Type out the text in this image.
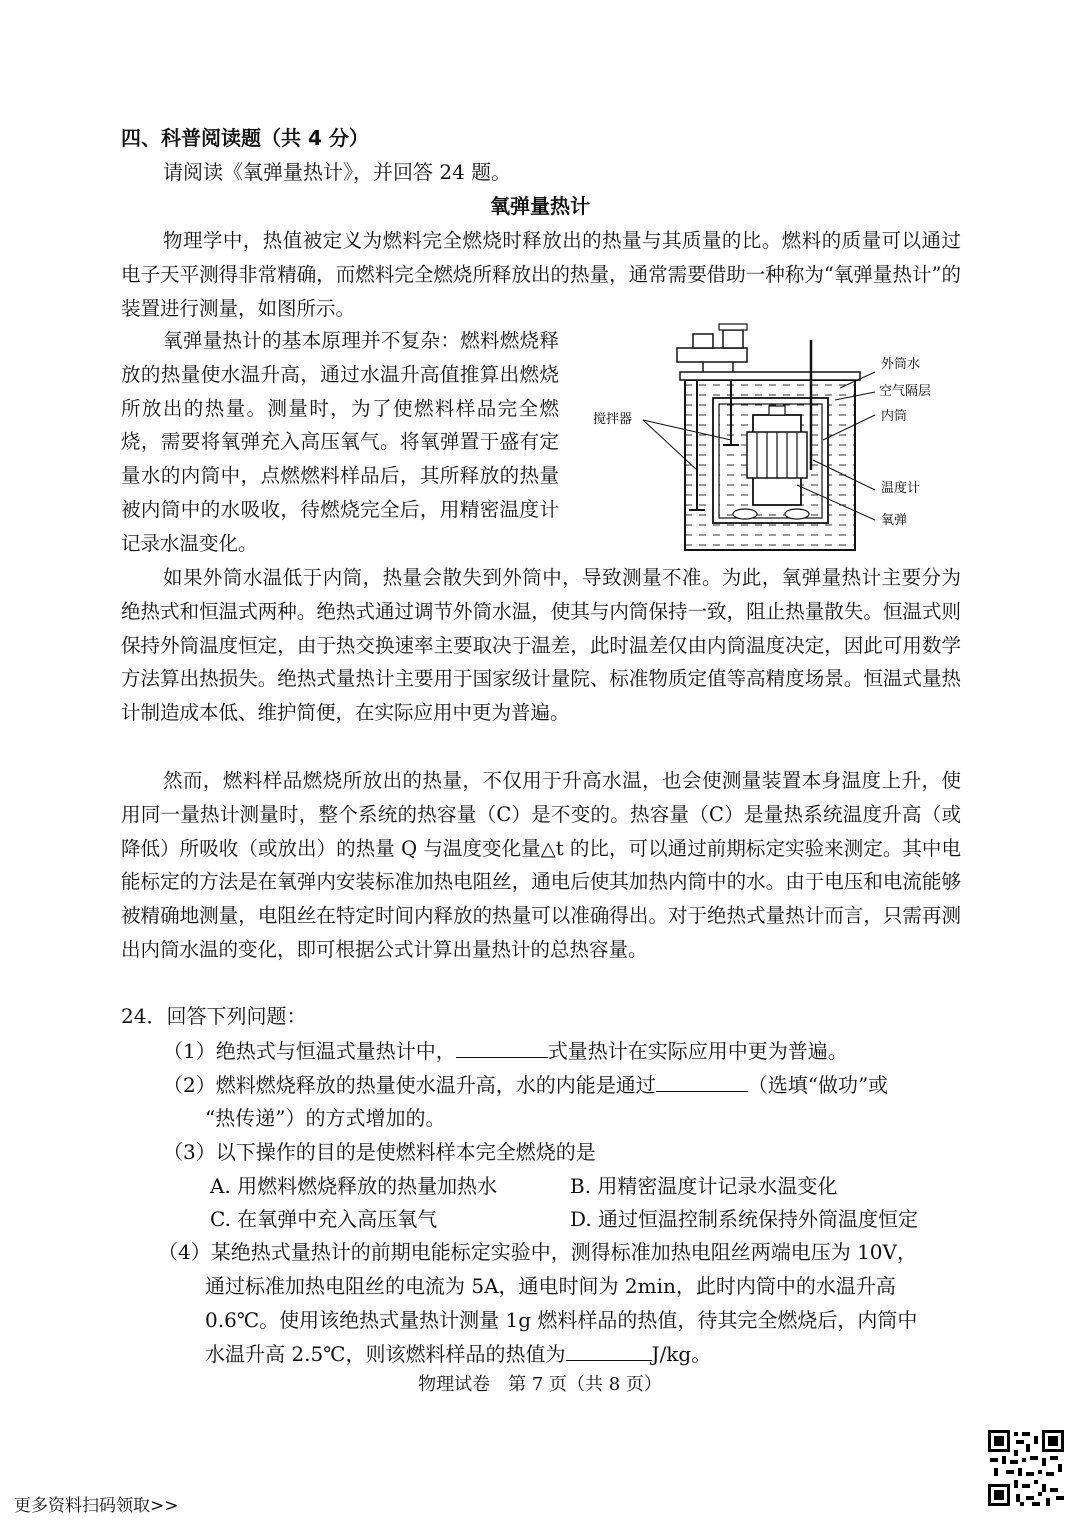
四、科普阅读题（共 4 分）
请阅读《氧弹量热计》，并回答 24 题。
氧弹量热计
物理学中，热值被定义为燃料完全燃烧时释放出的热量与其质量的比。燃料的质量可以通过电子天平测得非常精确，而燃料完全燃烧所释放出的热量，通常需要借助一种称为“氧弹量热计”的装置进行测量，如图所示。
氧弹量热计的基本原理并不复杂：燃料燃烧释放的热量使水温升高，通过水温升高值推算出燃烧所放出的热量。测量时，为了使燃料样品完全燃烧，需要将氧弹充入高压氧气。将氧弹置于盛有定量水的内筒中，点燃燃料样品后，其所释放的热量被内筒中的水吸收，待燃烧完全后，用精密温度计记录水温变化。
外筒水
空气隔层
内筒
搅拌器
温度计
氧弹
如果外筒水温低于内筒，热量会散失到外筒中，导致测量不准。为此，氧弹量热计主要分为绝热式和恒温式两种。绝热式通过调节外筒水温，使其与内筒保持一致，阻止热量散失。恒温式则保持外筒温度恒定，由于热交换速率主要取决于温差，此时温差仅由内筒温度决定，因此可用数学方法算出热损失。绝热式量热计主要用于国家级计量院、标准物质定值等高精度场景。恒温式量热计制造成本低、维护简便，在实际应用中更为普遍。
然而，燃料样品燃烧所放出的热量，不仅用于升高水温，也会使测量装置本身温度上升，使用同一量热计测量时，整个系统的热容量（C）是不变的。热容量（C）是量热系统温度升高（或降低）所吸收（或放出）的热量 Q 与温度变化量△t 的比，可以通过前期标定实验来测定。其中电能标定的方法是在氧弹内安装标准加热电阻丝，通电后使其加热内筒中的水。由于电压和电流能够被精确地测量，电阻丝在特定时间内释放的热量可以准确得出。对于绝热式量热计而言，只需再测出内筒水温的变化，即可根据公式计算出量热计的总热容量。
24．回答下列问题：
（1）绝热式与恒温式量热计中，	式量热计在实际应用中更为普遍。
（2）燃料燃烧释放的热量使水温升高，水的内能是通过	（选填“做功”或
“热传递”）的方式增加的。
（3）以下操作的目的是使燃料样本完全燃烧的是
A. 用燃料燃烧释放的热量加热水	B. 用精密温度计记录水温变化
C. 在氧弹中充入高压氧气	D. 通过恒温控制系统保持外筒温度恒定
（4）某绝热式量热计的前期电能标定实验中，测得标准加热电阻丝两端电压为 10V，
通过标准加热电阻丝的电流为 5A，通电时间为 2min，此时内筒中的水温升高
0.6℃。使用该绝热式量热计测量 1g 燃料样品的热值，待其完全燃烧后，内筒中
水温升高 2.5℃，则该燃料样品的热值为	J/kg。
物理试卷　第 7 页（共 8 页）
更多资料扫码领取>>
